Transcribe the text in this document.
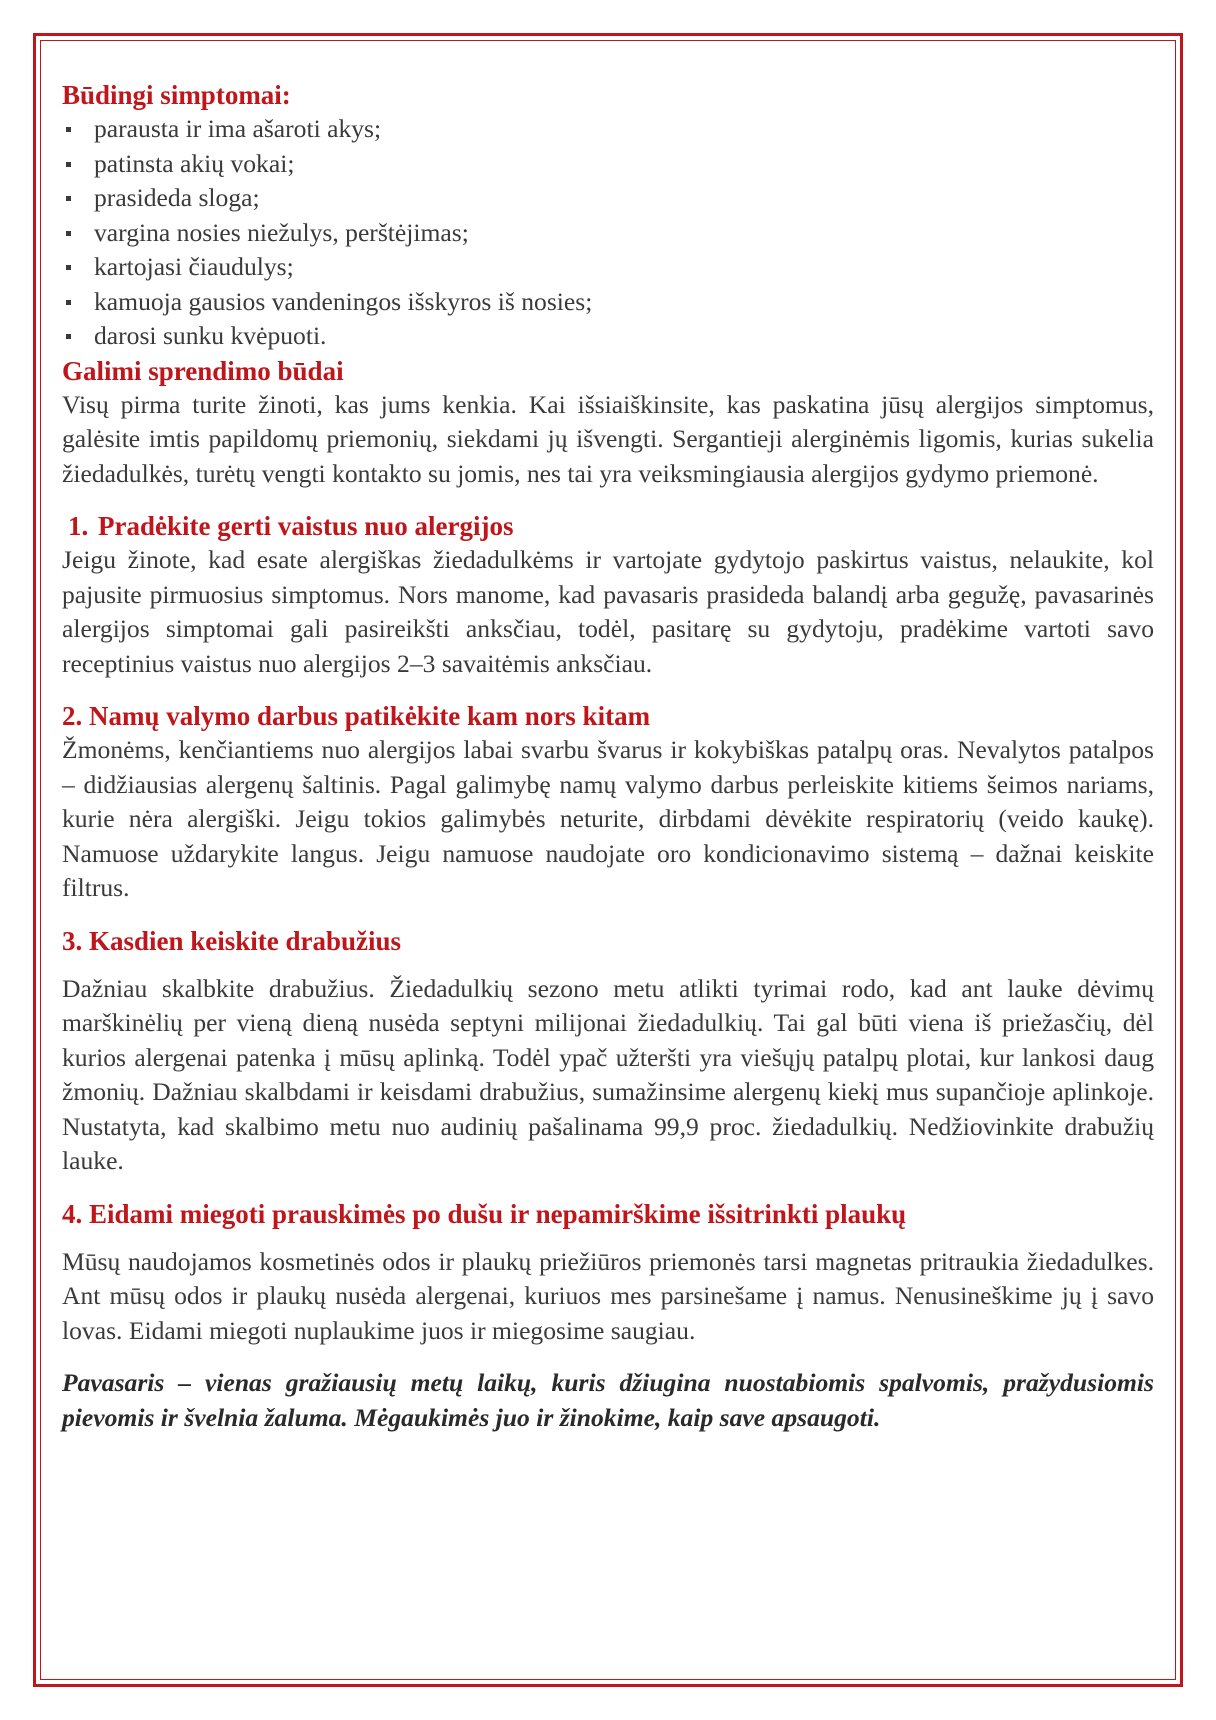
Būdingi simptomai:
parausta ir ima ašaroti akys;
patinsta akių vokai;
prasideda sloga;
vargina nosies niežulys, perštėjimas;
kartojasi čiaudulys;
kamuoja gausios vandeningos išskyros iš nosies;
darosi sunku kvėpuoti.
Galimi sprendimo būdai

Visų pirma turite žinoti, kas jums kenkia. Kai išsiaiškinsite, kas paskatina jūsų alergijos simptomus, galėsite imtis papildomų priemonių, siekdami jų išvengti. Sergantieji alerginėmis ligomis, kurias sukelia žiedadulkės, turėtų vengti kontakto su jomis, nes tai yra veiksmingiausia alergijos gydymo priemonė.

1. Pradėkite gerti vaistus nuo alergijos

Jeigu žinote, kad esate alergiškas žiedadulkėms ir vartojate gydytojo paskirtus vaistus, nelaukite, kol pajusite pirmuosius simptomus. Nors manome, kad pavasaris prasideda balandį arba gegužę, pavasarinės alergijos simptomai gali pasireikšti anksčiau, todėl, pasitarę su gydytoju, pradėkime vartoti savo receptinius vaistus nuo alergijos 2–3 savaitėmis anksčiau.

2. Namų valymo darbus patikėkite kam nors kitam

Žmonėms, kenčiantiems nuo alergijos labai svarbu švarus ir kokybiškas patalpų oras. Nevalytos patalpos – didžiausias alergenų šaltinis. Pagal galimybę namų valymo darbus perleiskite kitiems šeimos nariams, kurie nėra alergiški. Jeigu tokios galimybės neturite, dirbdami dėvėkite respiratorių (veido kaukę). Namuose uždarykite langus. Jeigu namuose naudojate oro kondicionavimo sistemą – dažnai keiskite filtrus.

3. Kasdien keiskite drabužius

Dažniau skalbkite drabužius. Žiedadulkių sezono metu atlikti tyrimai rodo, kad ant lauke dėvimų marškinėlių per vieną dieną nusėda septyni milijonai žiedadulkių. Tai gal būti viena iš priežasčių, dėl kurios alergenai patenka į mūsų aplinką. Todėl ypač užteršti yra viešųjų patalpų plotai, kur lankosi daug žmonių. Dažniau skalbdami ir keisdami drabužius, sumažinsime alergenų kiekį mus supančioje aplinkoje. Nustatyta, kad skalbimo metu nuo audinių pašalinama 99,9 proc. žiedadulkių. Nedžiovinkite drabužių lauke.

4. Eidami miegoti prauskimės po dušu ir nepamirškime išsitrinkti plaukų

Mūsų naudojamos kosmetinės odos ir plaukų priežiūros priemonės tarsi magnetas pritraukia žiedadulkes. Ant mūsų odos ir plaukų nusėda alergenai, kuriuos mes parsinešame į namus. Nenusineškime jų į savo lovas. Eidami miegoti nuplaukime juos ir miegosime saugiau.

Pavasaris – vienas gražiausių metų laikų, kuris džiugina nuostabiomis spalvomis, pražydusiomis pievomis ir švelnia žaluma. Mėgaukimės juo ir žinokime, kaip save apsaugoti.
